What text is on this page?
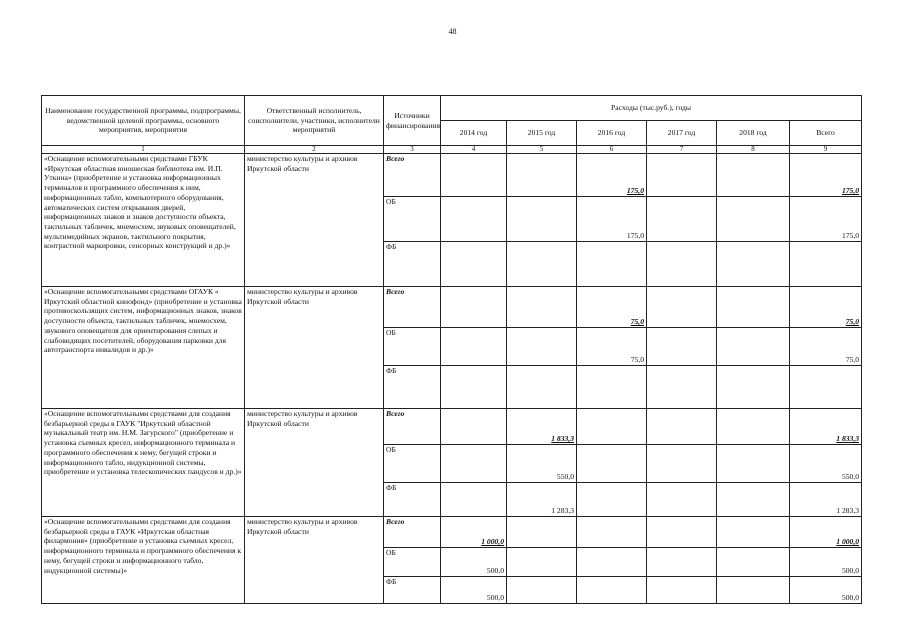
48
Наименование государственной программы, подпрограммы, ведомственной целевой программы, основного мероприятия, мероприятия	Ответственный исполнитель, соисполнители, участники, исполнители мероприятий	Источники финансирования	Расходы (тыс.руб.), годы					
			2014 год	2015 год	2016 год	2017 год	2018 год	Всего
1	2	3	4	5	6	7	8	9
«Оснащение вспомогательными средствами ГБУК «Иркутская областная юношеская библиотека им. И.П. Уткина» (приобретение и установка информационных терминалов и программного обеспечения к ним, информационных табло, компьютерного оборудования, автоматических систем открывания дверей, информационных знаков и знаков доступности объекта, тактильных табличек, мнемосхем, звуковых оповещателей, мультимедийных экранов, тактильного покрытия, контрастной маркировки, сенсорных конструкций и др.)»	министерство культуры и архивов Иркутской области	Всего			175,0			175,0
		ОБ			175,0			175,0
		ФБ						
«Оснащение вспомогательными средствами ОГАУК « Иркутский областной кинофонд» (приобретение и установка противоскользящих систем, информационных знаков, знаков доступности объекта, тактильных табличек, мнемосхем, звукового оповещателя для ориентирования слепых и слабовидящих посетителей, оборудования парковки для автотранспорта инвалидов и др.)»	министерство культуры и архивов Иркутской области	Всего			75,0			75,0
		ОБ			75,0			75,0
		ФБ						
«Оснащение вспомогательными средствами для создания безбарьерной среды в ГАУК "Иркутский областной музыкальный театр им. Н.М. Загурского" (приобретение и установка съемных кресел, информационного терминала и программного обеспечения к нему, бегущей строки и информационного табло, индукционной системы, приобретение и установка телескопических пандусов и др.)»	министерство культуры и архивов Иркутской области	Всего		1 833,3				1 833,3
		ОБ		550,0				550,0
		ФБ		1 283,3				1 283,3
«Оснащение вспомогательными средствами для создания безбарьерной среды в ГАУК «Иркутская областная филармония» (приобретение и установка съемных кресел, информационного терминала и программного обеспечения к нему, бегущей строки и информационного табло, индукционной системы)»	министерство культуры и архивов Иркутской области	Всего	1 000,0					1 000,0
		ОБ	500,0					500,0
		ФБ	500,0					500,0
